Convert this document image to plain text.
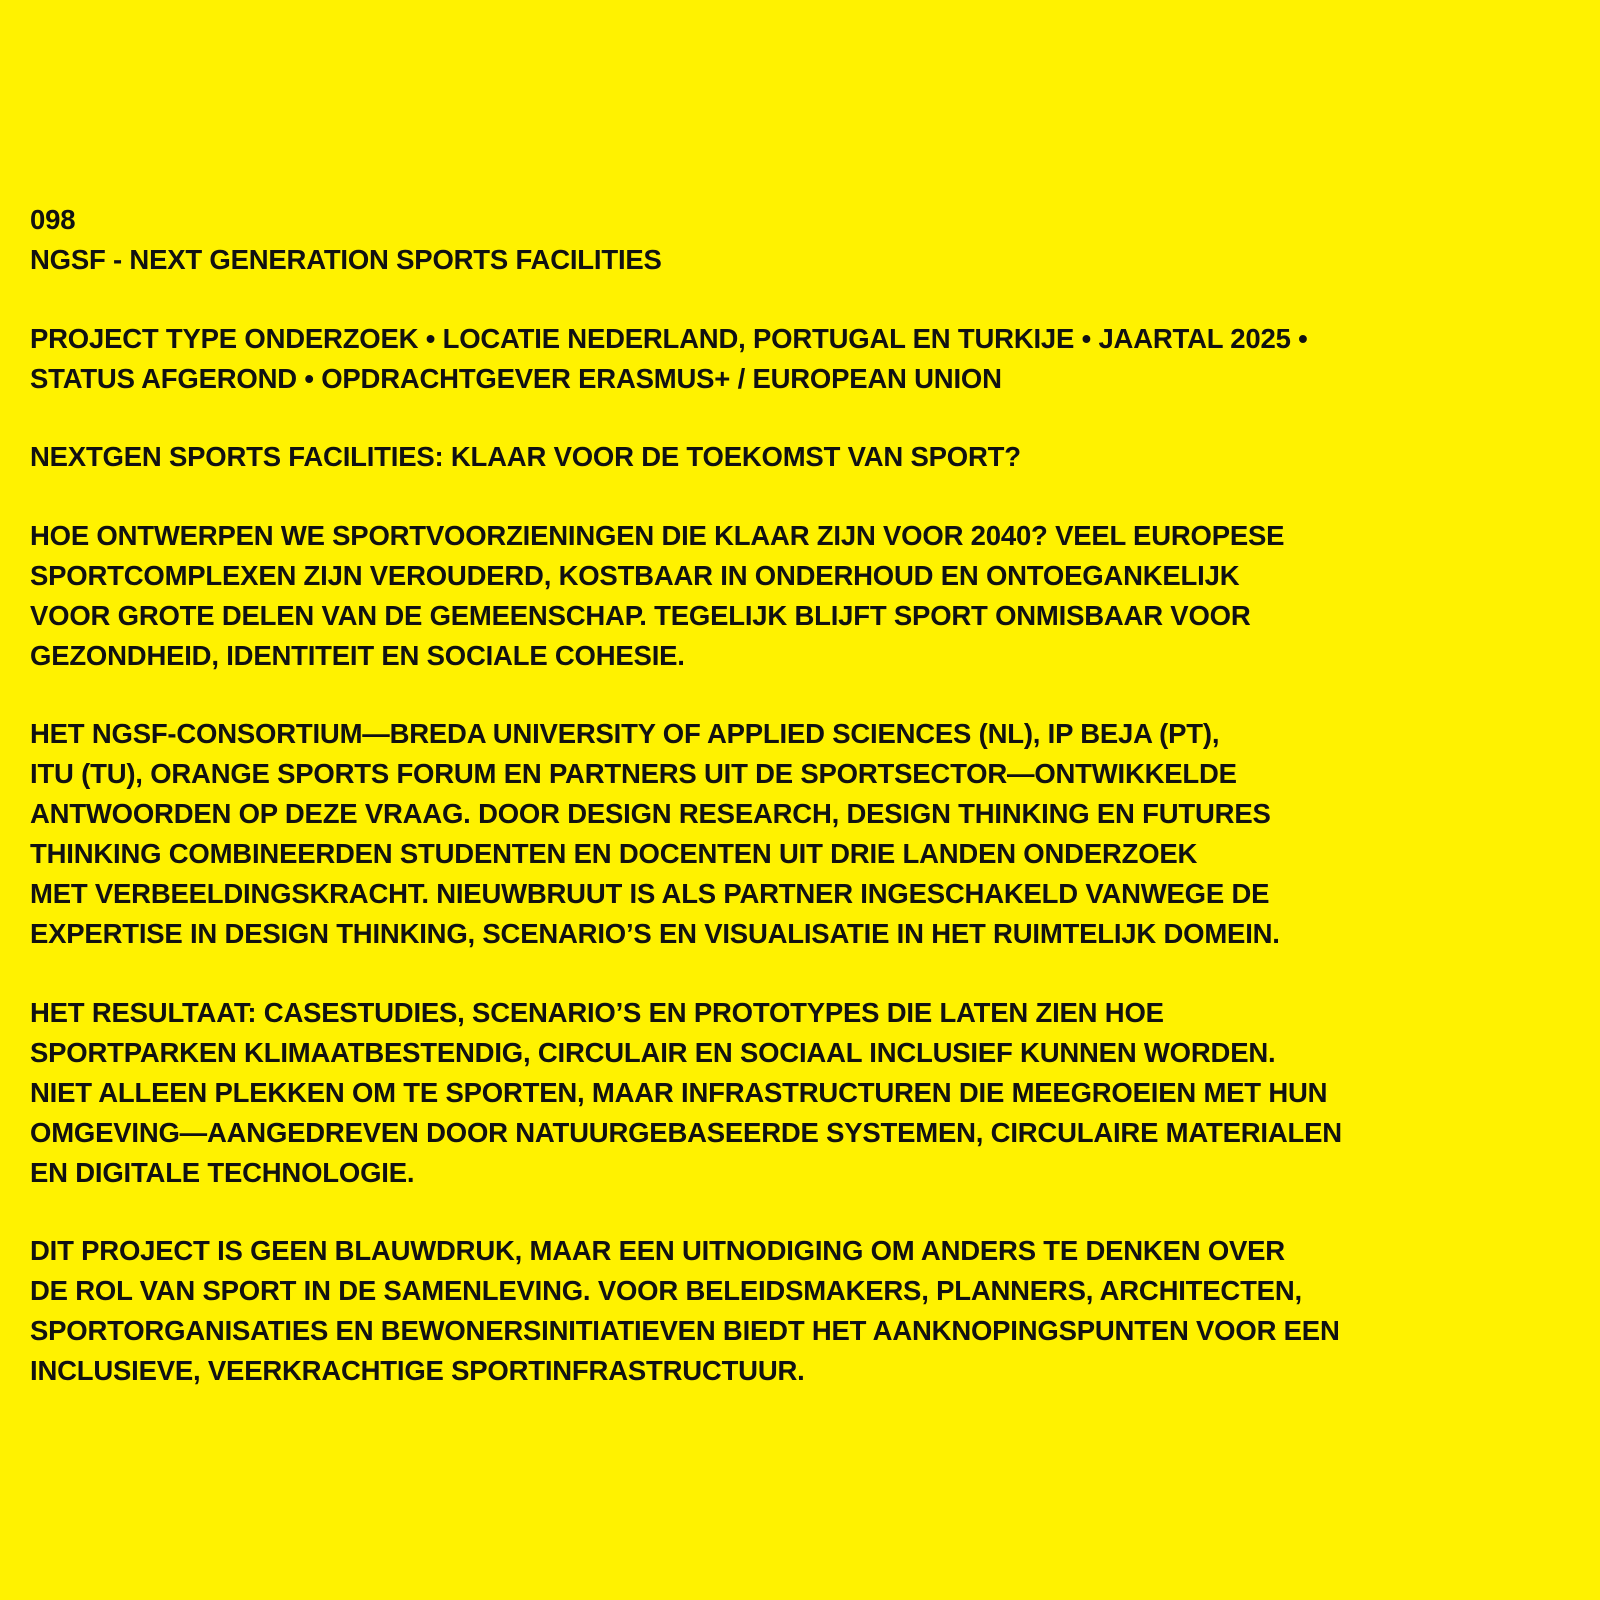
098
NGSF - NEXT GENERATION SPORTS FACILITIES
PROJECT TYPE ONDERZOEK • LOCATIE NEDERLAND, PORTUGAL EN TURKIJE • JAARTAL 2025 •
STATUS AFGEROND • OPDRACHTGEVER ERASMUS+ / EUROPEAN UNION
NEXTGEN SPORTS FACILITIES: KLAAR VOOR DE TOEKOMST VAN SPORT?
HOE ONTWERPEN WE SPORTVOORZIENINGEN DIE KLAAR ZIJN VOOR 2040? VEEL EUROPESE
SPORTCOMPLEXEN ZIJN VEROUDERD, KOSTBAAR IN ONDERHOUD EN ONTOEGANKELIJK
VOOR GROTE DELEN VAN DE GEMEENSCHAP. TEGELIJK BLIJFT SPORT ONMISBAAR VOOR
GEZONDHEID, IDENTITEIT EN SOCIALE COHESIE.
HET NGSF-CONSORTIUM—BREDA UNIVERSITY OF APPLIED SCIENCES (NL), IP BEJA (PT),
ITU (TU), ORANGE SPORTS FORUM EN PARTNERS UIT DE SPORTSECTOR—ONTWIKKELDE
ANTWOORDEN OP DEZE VRAAG. DOOR DESIGN RESEARCH, DESIGN THINKING EN FUTURES
THINKING COMBINEERDEN STUDENTEN EN DOCENTEN UIT DRIE LANDEN ONDERZOEK
MET VERBEELDINGSKRACHT. NIEUWBRUUT IS ALS PARTNER INGESCHAKELD VANWEGE DE
EXPERTISE IN DESIGN THINKING, SCENARIO’S EN VISUALISATIE IN HET RUIMTELIJK DOMEIN.
HET RESULTAAT: CASESTUDIES, SCENARIO’S EN PROTOTYPES DIE LATEN ZIEN HOE
SPORTPARKEN KLIMAATBESTENDIG, CIRCULAIR EN SOCIAAL INCLUSIEF KUNNEN WORDEN.
NIET ALLEEN PLEKKEN OM TE SPORTEN, MAAR INFRASTRUCTUREN DIE MEEGROEIEN MET HUN
OMGEVING—AANGEDREVEN DOOR NATUURGEBASEERDE SYSTEMEN, CIRCULAIRE MATERIALEN
EN DIGITALE TECHNOLOGIE.
DIT PROJECT IS GEEN BLAUWDRUK, MAAR EEN UITNODIGING OM ANDERS TE DENKEN OVER
DE ROL VAN SPORT IN DE SAMENLEVING. VOOR BELEIDSMAKERS, PLANNERS, ARCHITECTEN,
SPORTORGANISATIES EN BEWONERSINITIATIEVEN BIEDT HET AANKNOPINGSPUNTEN VOOR EEN
INCLUSIEVE, VEERKRACHTIGE SPORTINFRASTRUCTUUR.
